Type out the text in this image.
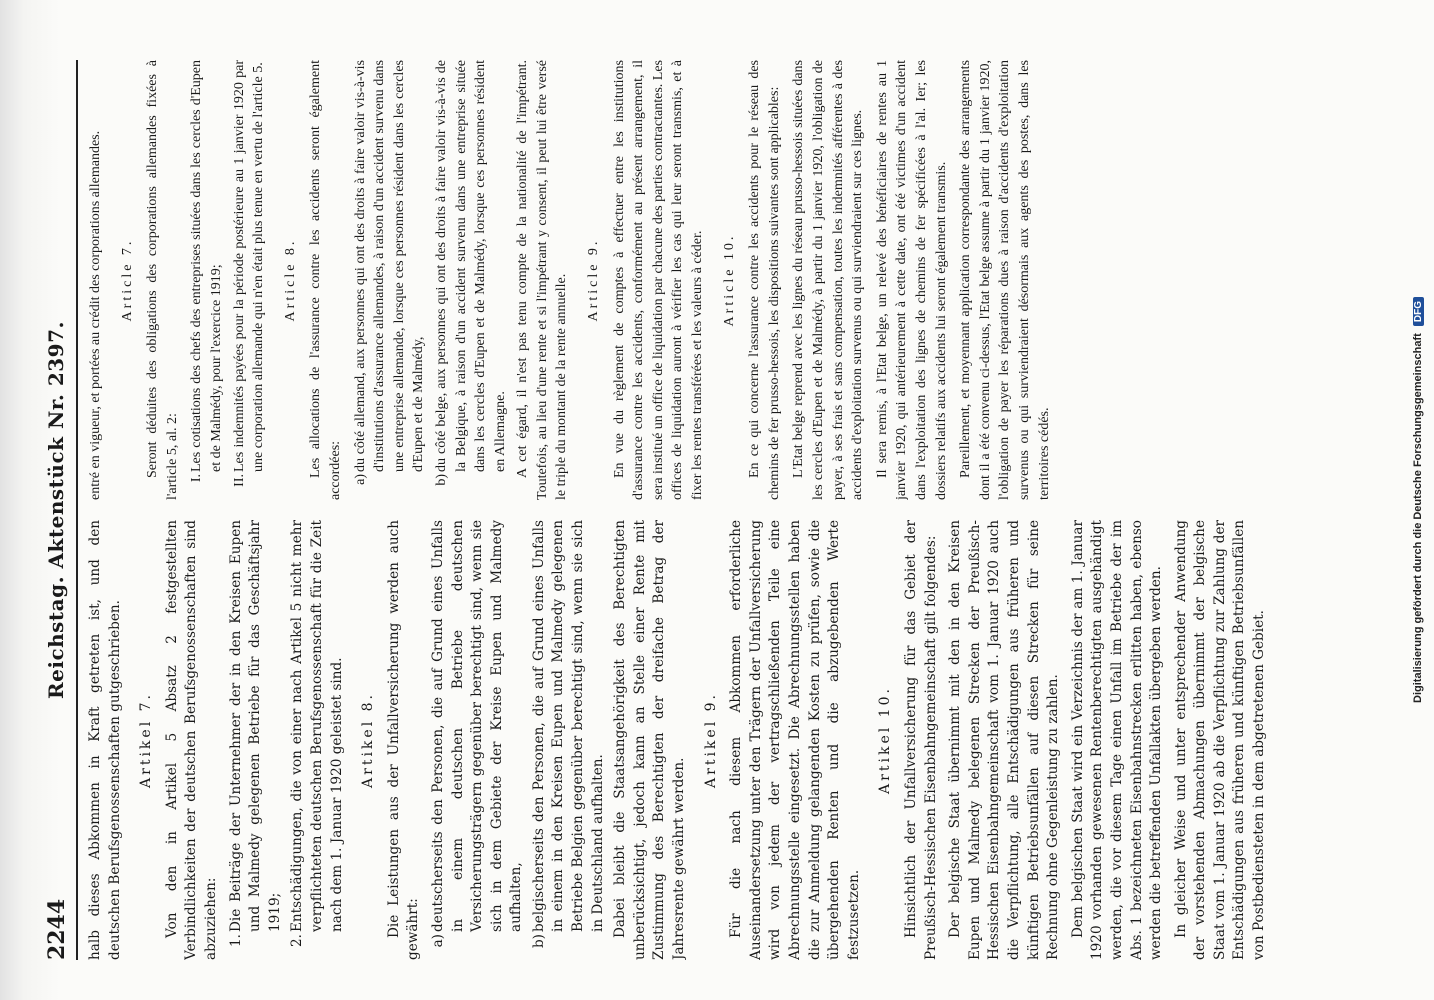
2244
Reichstag. Aktenstück Nr. 2397.

halb dieses Abkommen in Kraft getreten ist, und den deutschen Berufsgenossenschaften gutgeschrieben. Artikel 7. Von den in Artikel 5 Absatz 2 festgestellten Verbindlichkeiten der deutschen Berufsgenossenschaften sind abzuziehen: 1.Die Beiträge der Unternehmer der in den Kreisen Eupen und Malmedy gelegenen Betriebe für das Geschäftsjahr 1919;
2.Entschädigungen, die von einer nach Artikel 5 nicht mehr verpflichteten deutschen Berufsgenossenschaft für die Zeit nach dem 1. Januar 1920 geleistet sind. Artikel 8. Die Leistungen aus der Unfallversicherung werden auch gewährt: a)deutscherseits den Personen, die auf Grund eines Unfalls in einem deutschen Betriebe deutschen Versicherungsträgern gegenüber berechtigt sind, wenn sie sich in dem Gebiete der Kreise Eupen und Malmedy aufhalten,
b)belgischerseits den Personen, die auf Grund eines Unfalls in einem in den Kreisen Eupen und Malmedy gelegenen Betriebe Belgien gegenüber berechtigt sind, wenn sie sich in Deutschland aufhalten. Dabei bleibt die Staatsangehörigkeit des Berechtigten unberücksichtigt, jedoch kann an Stelle einer Rente mit Zustimmung des Berechtigten der dreifache Betrag der Jahresrente gewährt werden.

Artikel 9. Für die nach diesem Abkommen erforderliche Auseinandersetzung unter den Trägern der Unfallversicherung wird von jedem der vertragschließenden Teile eine Abrechnungsstelle eingesetzt. Die Abrechnungsstellen haben die zur Anmeldung gelangenden Kosten zu prüfen, sowie die übergehenden Renten und die abzugebenden Werte festzusetzen.

Artikel 10. Hinsichtlich der Unfallversicherung für das Gebiet der Preußisch-Hessischen Eisenbahngemeinschaft gilt folgendes: Der belgische Staat übernimmt mit den in den Kreisen Eupen und Malmedy belegenen Strecken der Preußisch-Hessischen Eisenbahngemeinschaft vom 1. Januar 1920 auch die Verpflichtung, alle Entschädigungen aus früheren und künftigen Betriebsunfällen auf diesen Strecken für seine Rechnung ohne Gegenleistung zu zahlen. Dem belgischen Staat wird ein Verzeichnis der am 1. Januar 1920 vorhanden gewesenen Rentenberechtigten ausgehändigt werden, die vor diesem Tage einen Unfall im Betriebe der im Abs. 1 bezeichneten Eisenbahnstrecken erlitten haben, ebenso werden die betreffenden Unfallakten übergeben werden. In gleicher Weise und unter entsprechender Anwendung der vorstehenden Abmachungen übernimmt der belgische Staat vom 1. Januar 1920 ab die Verpflichtung zur Zahlung der Entschädigungen aus früheren und künftigen Betriebsunfällen von Postbediensteten in dem abgetretenen Gebiet.

entré en vigueur, et portées au crédit des corporations allemandes. Article 7. Seront déduites des obligations des corporations allemandes fixées à l'article 5, al. 2: I.Les cotisations des chefs des entreprises situées dans les cercles d'Eupen et de Malmédy, pour l'exercice 1919;
II.Les indemnités payées pour la période postérieure au 1 janvier 1920 par une corporation allemande qui n'en était plus tenue en vertu de l'article 5. Article 8. Les allocations de l'assurance contre les accidents seront également accordées: a)du côté allemand, aux personnes qui ont des droits à faire valoir vis-à-vis d'institutions d'assurance allemandes, à raison d'un accident survenu dans une entreprise allemande, lorsque ces personnes résident dans les cercles d'Eupen et de Malmédy,
b)du côté belge, aux personnes qui ont des droits à faire valoir vis-à-vis de la Belgique, à raison d'un accident survenu dans une entreprise située dans les cercles d'Eupen et de Malmédy, lorsque ces personnes résident en Allemagne. A cet égard, il n'est pas tenu compte de la nationalité de l'impétrant. Toutefois, au lieu d'une rente et si l'impétrant y consent, il peut lui être versé le triple du montant de la rente annuelle. Article 9. En vue du règlement de comptes à effectuer entre les institutions d'assurance contre les accidents, conformément au présent arrangement, il sera institué un office de liquidation par chacune des parties contractantes. Les offices de liquidation auront à vérifier les cas qui leur seront transmis, et à fixer les rentes transférées et les valeurs à céder. Article 10. En ce qui concerne l'assurance contre les accidents pour le réseau des chemins de fer prusso-hessois, les dispositions suivantes sont applicables: L'Etat belge reprend avec les lignes du réseau prusso-hessois situées dans les cercles d'Eupen et de Malmédy, à partir du 1 janvier 1920, l'obligation de payer, à ses frais et sans compensation, toutes les indemnités afférentes à des accidents d'exploitation survenus ou qui surviendraient sur ces lignes. Il sera remis, à l'Etat belge, un relevé des bénéficiaires de rentes au 1 janvier 1920, qui antérieurement à cette date, ont été victimes d'un accident dans l'exploitation des lignes de chemins de fer spécificées à l'al. Ier; les dossiers relatifs aux accidents lui seront également transmis. Pareillement, et moyennant application correspondante des arrangements dont il a été convenu ci-dessus, l'Etat belge assume à partir du 1 janvier 1920, l'obligation de payer les réparations dues à raison d'accidents d'exploitation survenus ou qui surviendraient désormais aux agents des postes, dans les territoires cédés.	Digitalisierung gefördert durch die Deutsche Forschungsgemeinschaft DFG
